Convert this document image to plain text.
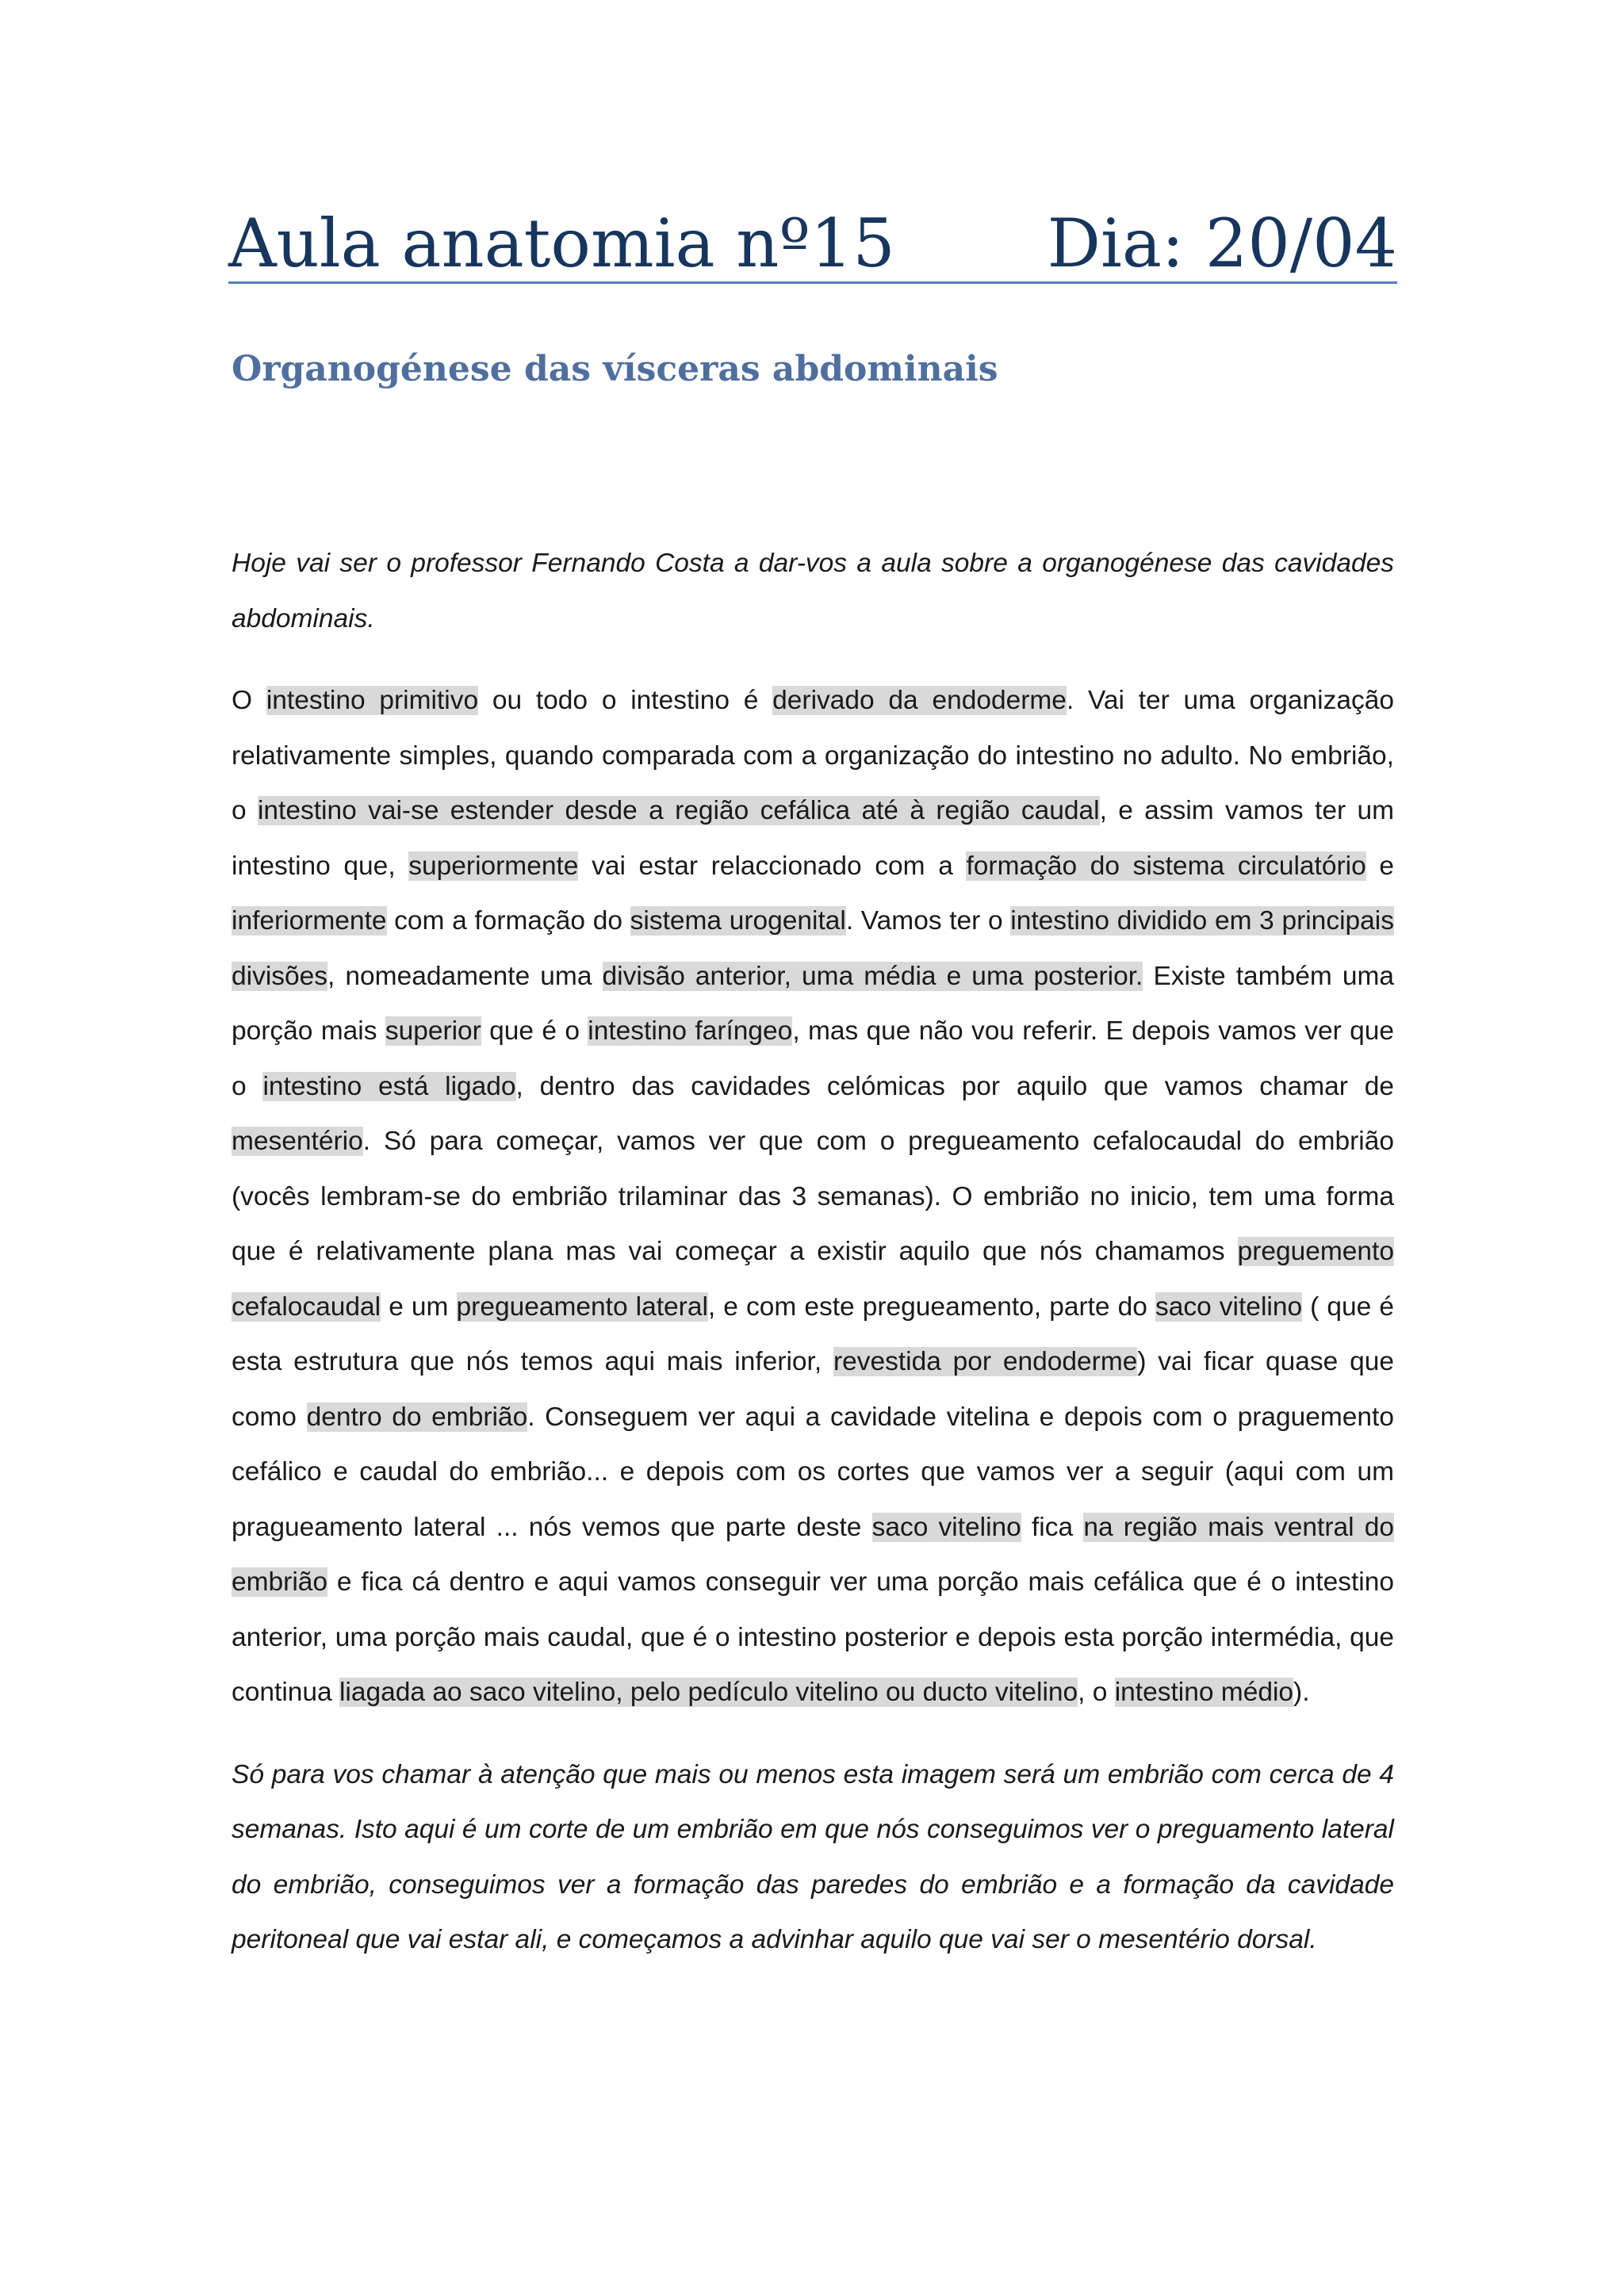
Aula anatomia nº15 Dia: 20/04
Organogénese das vísceras abdominais

Hoje vai ser o professor Fernando Costa a dar-vos a aula sobre a organogénese das cavidades abdominais.

O intestino primitivo ou todo o intestino é derivado da endoderme. Vai ter uma organização relativamente simples, quando comparada com a organização do intestino no adulto. No embrião, o intestino vai-se estender desde a região cefálica até à região caudal, e assim vamos ter um intestino que, superiormente vai estar relaccionado com a formação do sistema circulatório e inferiormente com a formação do sistema urogenital. Vamos ter o intestino dividido em 3 principais divisões, nomeadamente uma divisão anterior, uma média e uma posterior. Existe também uma porção mais superior que é o intestino faríngeo, mas que não vou referir. E depois vamos ver que o intestino está ligado, dentro das cavidades celómicas por aquilo que vamos chamar de mesentério. Só para começar, vamos ver que com o pregueamento cefalocaudal do embrião (vocês lembram-se do embrião trilaminar das 3 semanas). O embrião no inicio, tem uma forma que é relativamente plana mas vai começar a existir aquilo que nós chamamos preguemento cefalocaudal e um pregueamento lateral, e com este pregueamento, parte do saco vitelino ( que é esta estrutura que nós temos aqui mais inferior, revestida por endoderme) vai ficar quase que como dentro do embrião. Conseguem ver aqui a cavidade vitelina e depois com o praguemento cefálico e caudal do embrião... e depois com os cortes que vamos ver a seguir (aqui com um pragueamento lateral ... nós vemos que parte deste saco vitelino fica na região mais ventral do embrião e fica cá dentro e aqui vamos conseguir ver uma porção mais cefálica que é o intestino anterior, uma porção mais caudal, que é o intestino posterior e depois esta porção intermédia, que continua liagada ao saco vitelino, pelo pedículo vitelino ou ducto vitelino, o intestino médio).

Só para vos chamar à atenção que mais ou menos esta imagem será um embrião com cerca de 4 semanas. Isto aqui é um corte de um embrião em que nós conseguimos ver o preguamento lateral do embrião, conseguimos ver a formação das paredes do embrião e a formação da cavidade peritoneal que vai estar ali, e começamos a advinhar aquilo que vai ser o mesentério dorsal.
